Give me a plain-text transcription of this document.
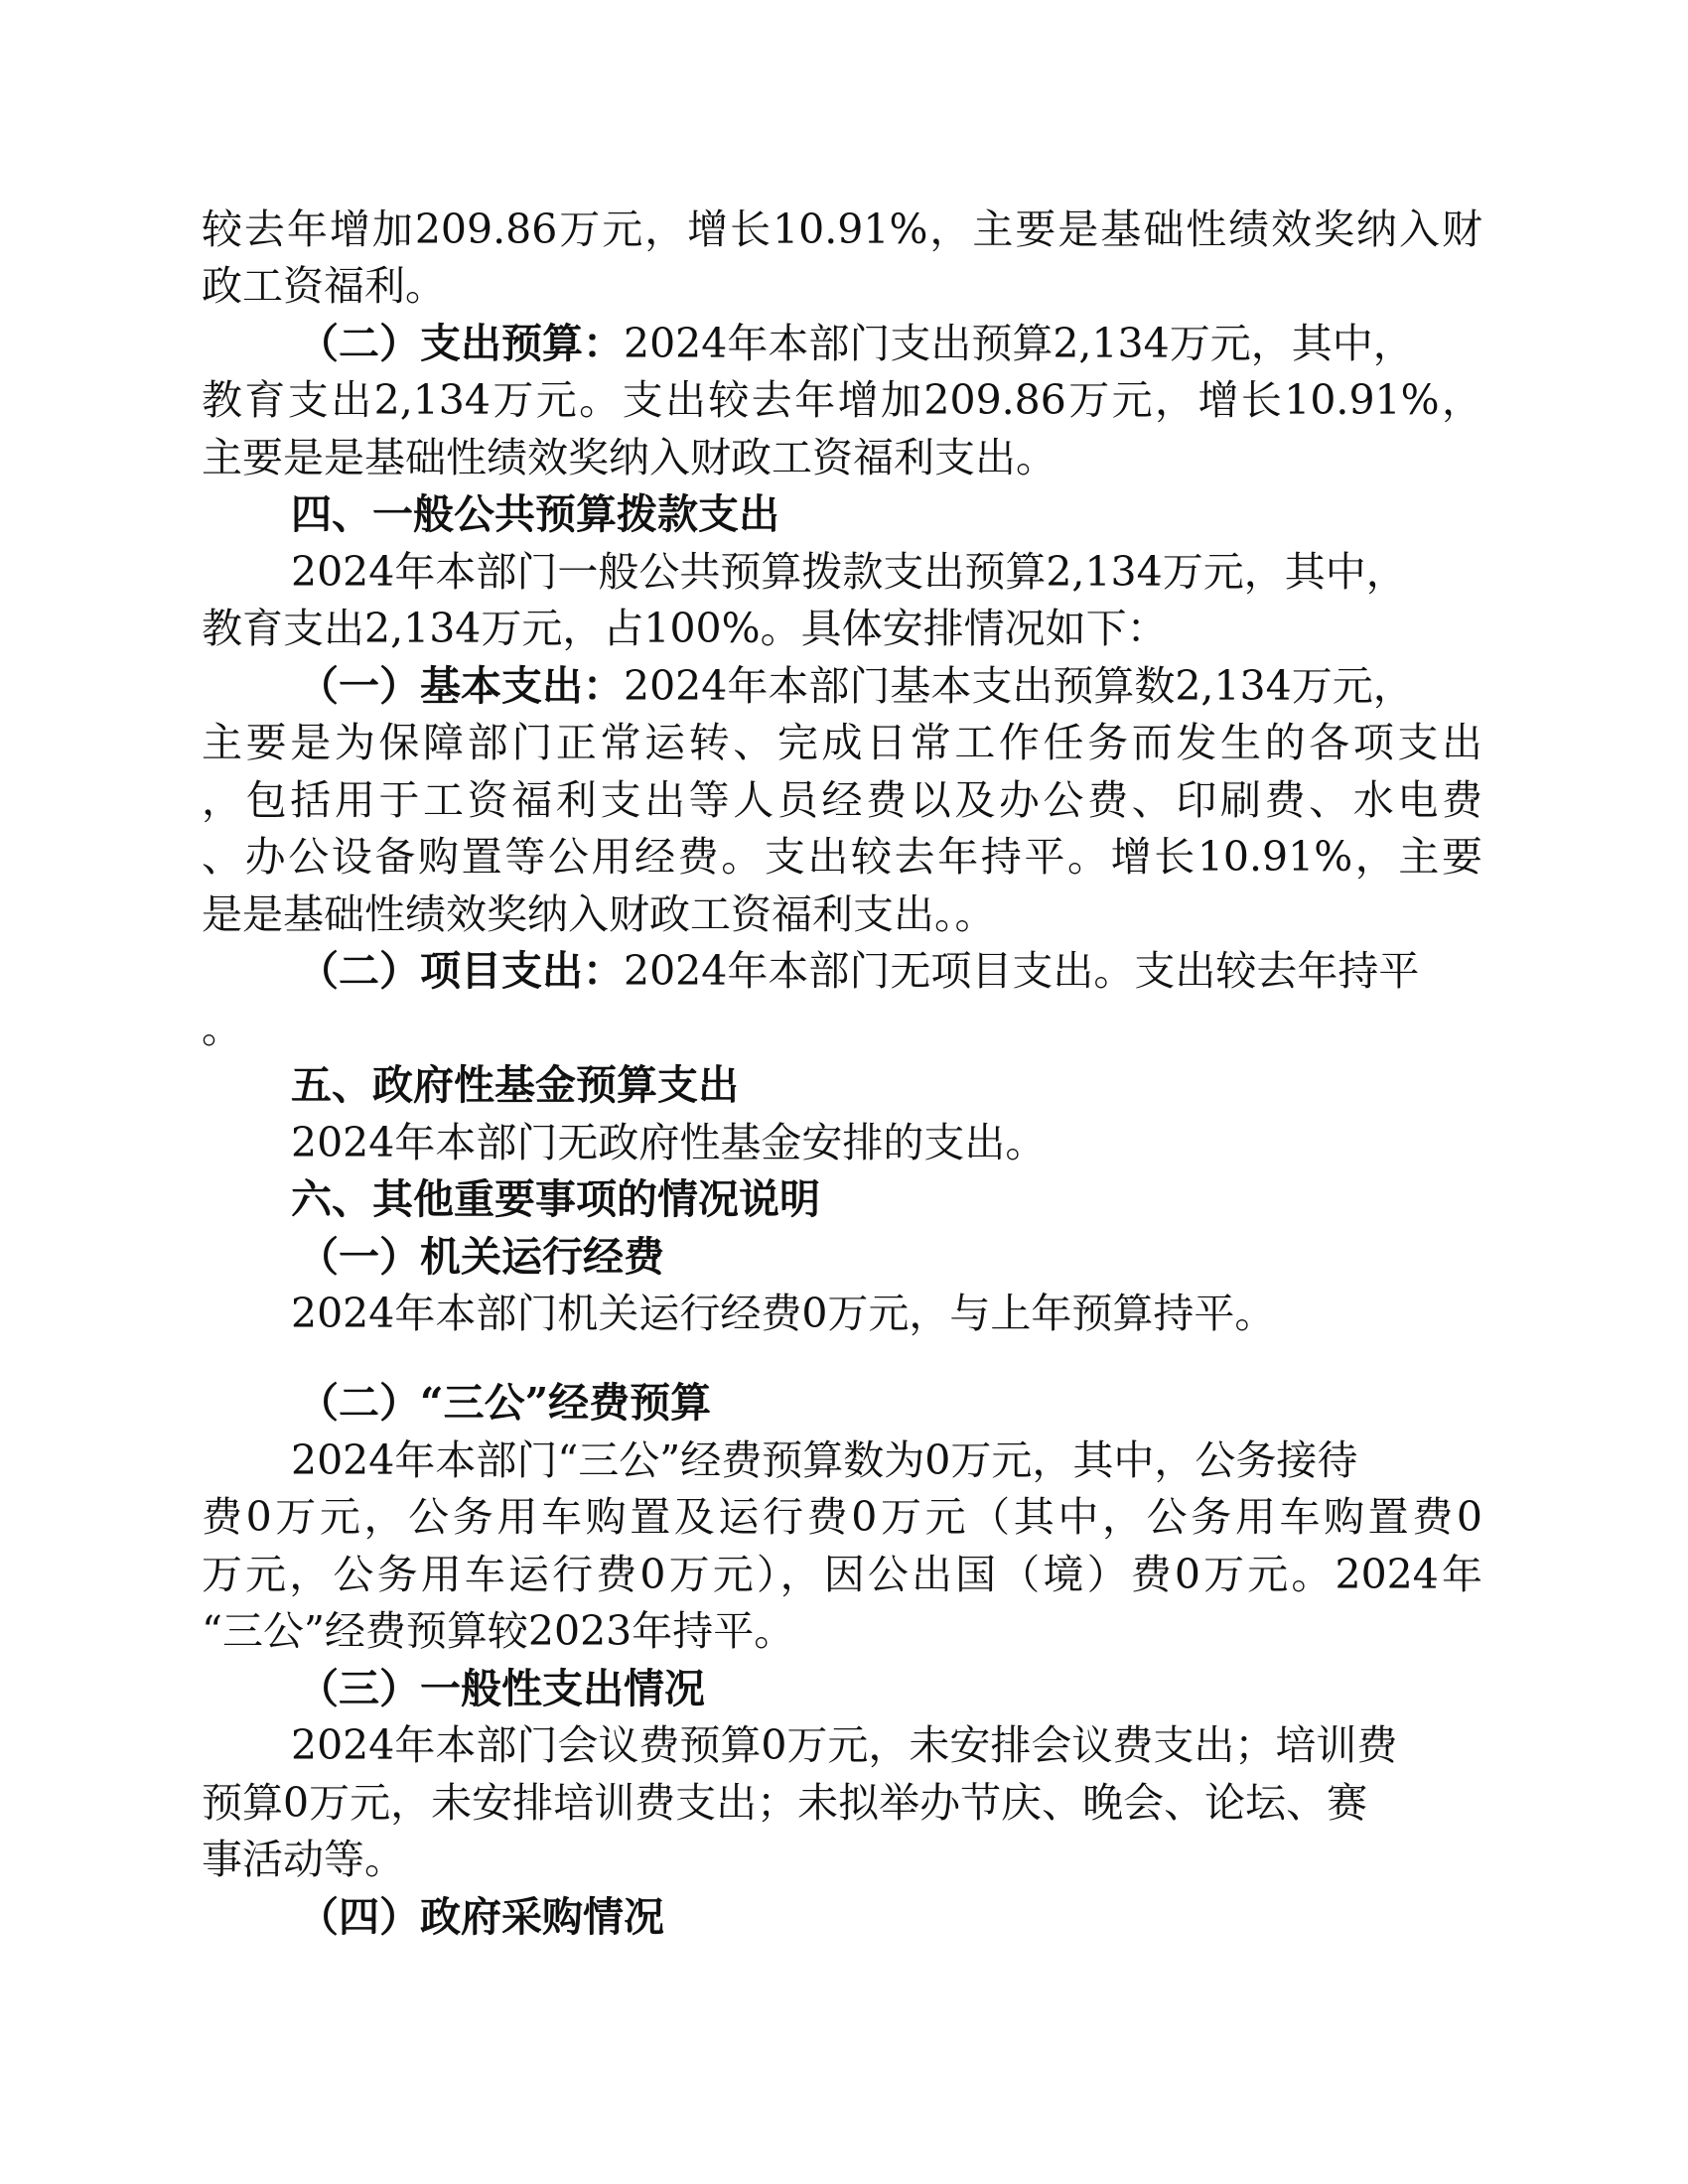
较去年增加209.86万元，增长10.91%，主要是基础性绩效奖纳入财

政工资福利。

（二）支出预算：2024年本部门支出预算2,134万元，其中，

教育支出2,134万元。支出较去年增加209.86万元，增长10.91%，

主要是是基础性绩效奖纳入财政工资福利支出。

四、一般公共预算拨款支出

2024年本部门一般公共预算拨款支出预算2,134万元，其中，

教育支出2,134万元，占100%。具体安排情况如下：

（一）基本支出：2024年本部门基本支出预算数2,134万元，

主要是为保障部门正常运转、完成日常工作任务而发生的各项支出

，包括用于工资福利支出等人员经费以及办公费、印刷费、水电费

、办公设备购置等公用经费。支出较去年持平。增长10.91%，主要

是是基础性绩效奖纳入财政工资福利支出。。

（二）项目支出：2024年本部门无项目支出。支出较去年持平

。

五、政府性基金预算支出

2024年本部门无政府性基金安排的支出。

六、其他重要事项的情况说明

（一）机关运行经费

2024年本部门机关运行经费0万元，与上年预算持平。

（二）“三公”经费预算

2024年本部门“三公”经费预算数为0万元，其中，公务接待

费0万元，公务用车购置及运行费0万元（其中，公务用车购置费0

万元，公务用车运行费0万元），因公出国（境）费0万元。2024年

“三公”经费预算较2023年持平。

（三）一般性支出情况

2024年本部门会议费预算0万元，未安排会议费支出；培训费

预算0万元，未安排培训费支出；未拟举办节庆、晚会、论坛、赛

事活动等。

（四）政府采购情况
